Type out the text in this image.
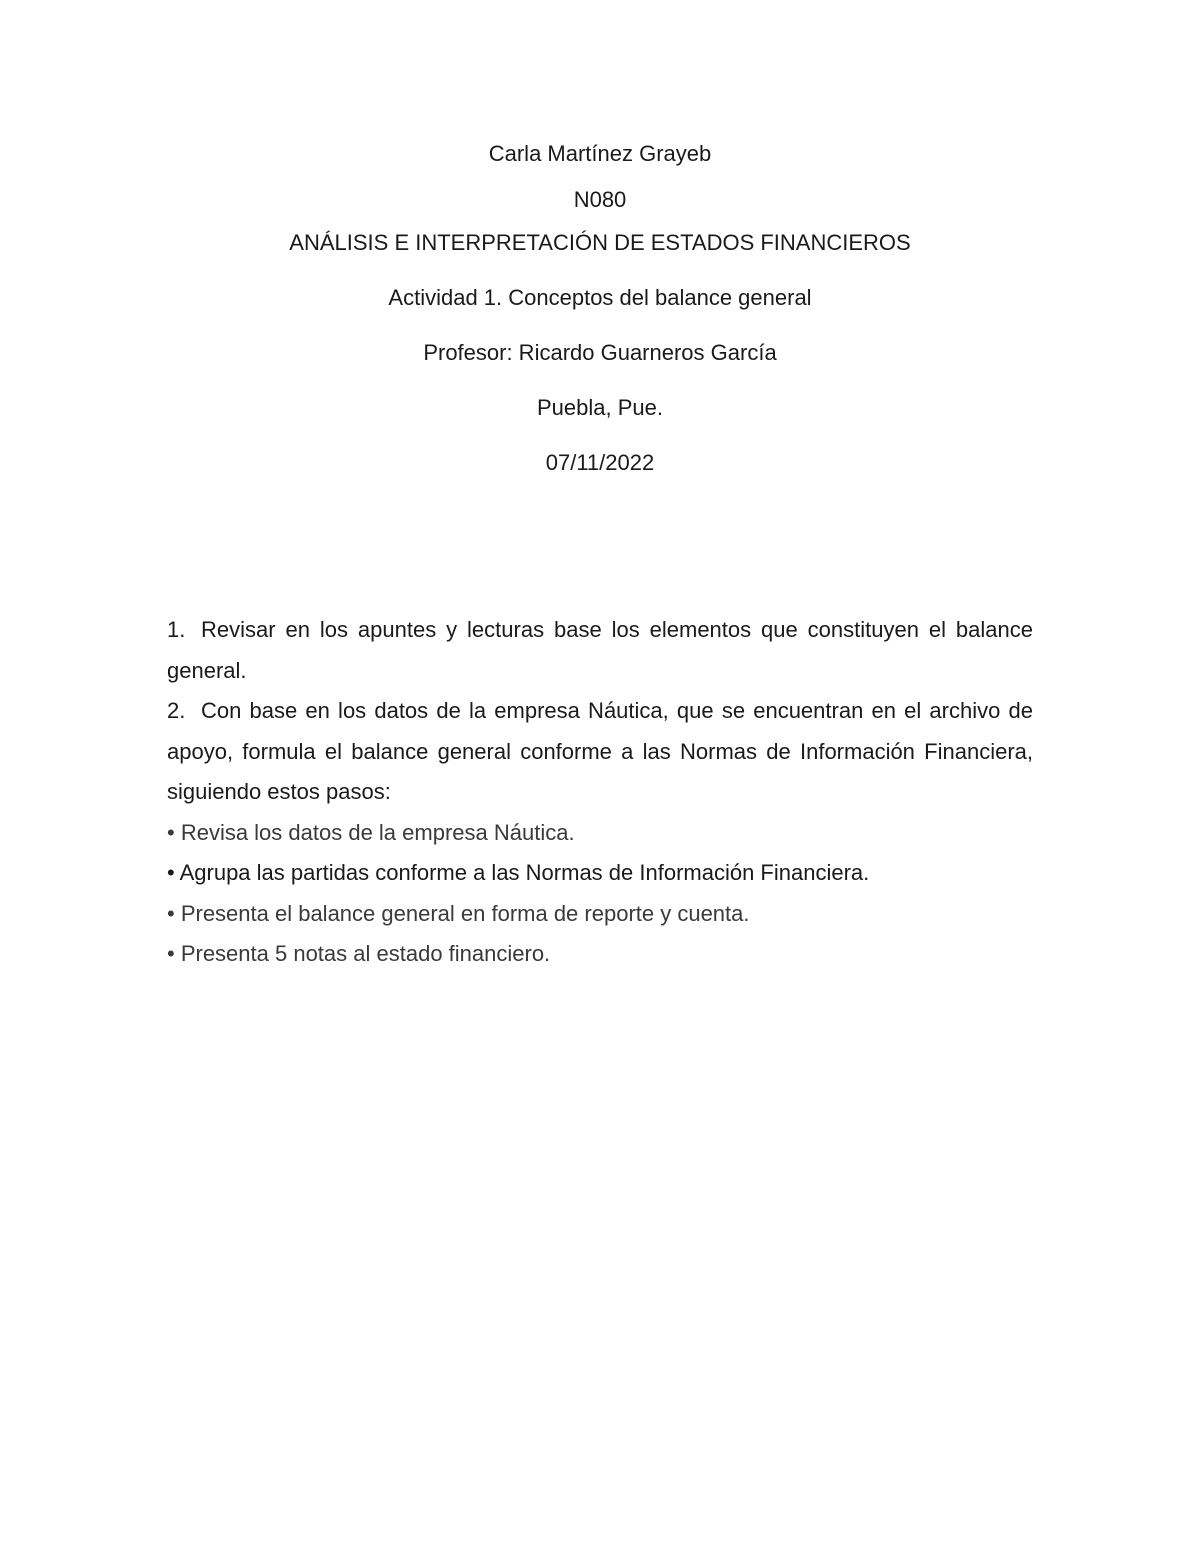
Carla Martínez Grayeb
N080
ANÁLISIS E INTERPRETACIÓN DE ESTADOS FINANCIEROS
Actividad 1. Conceptos del balance general
Profesor: Ricardo Guarneros García
Puebla, Pue.
07/11/2022

1. Revisar en los apuntes y lecturas base los elementos que constituyen el balance general.

2. Con base en los datos de la empresa Náutica, que se encuentran en el archivo de apoyo, formula el balance general conforme a las Normas de Información Financiera, siguiendo estos pasos:

• Revisa los datos de la empresa Náutica.

• Agrupa las partidas conforme a las Normas de Información Financiera.

• Presenta el balance general en forma de reporte y cuenta.

• Presenta 5 notas al estado financiero.
